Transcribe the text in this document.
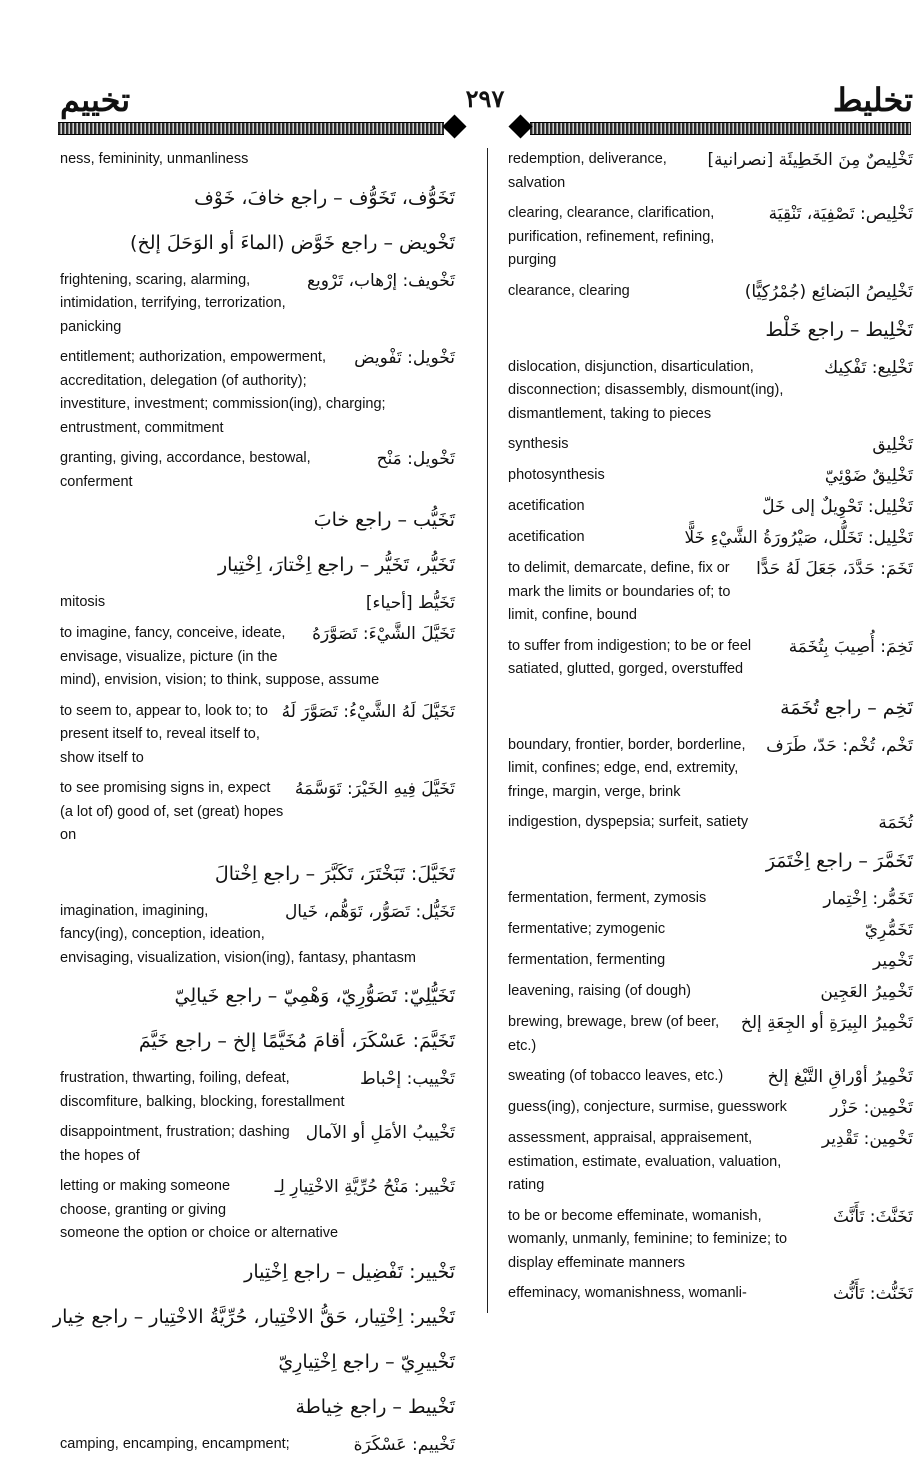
تخييم	٢٩٧	تخليط
ness, femininity, unmanliness
تَخَوُّف، تَخَوُّف – راجع خافَ، خَوْف
تَخْويض – راجع خَوَّض (الماءَ أو الوَحَلَ إلخ)
تَخْويف: إرْهاب، تَرْويع
frightening, scaring, alarming, intimidation, terrifying, terrorization, panicking
تَخْويل: تَفْويض
entitlement; authorization, empowerment, accreditation, delegation (of authority); investiture, investment; commission(ing), charging; entrustment, commitment
تَخْويل: مَنْح
granting, giving, accordance, bestowal, conferment
تَخَيُّب – راجع خابَ
تَخَيُّر، تَخَيُّر – راجع اِخْتارَ، اِخْتِيار
تَخَيُّط [أحياء]
mitosis
تَخَيَّلَ الشَّيْءَ: تَصَوَّرَهُ
to imagine, fancy, conceive, ideate, envisage, visualize, picture (in the mind), envision, vision; to think, suppose, assume
تَخَيَّلَ لَهُ الشَّيْءُ: تَصَوَّرَ لَهُ
to seem to, appear to, look to; to present itself to, reveal itself to, show itself to
تَخَيَّلَ فِيهِ الخَيْرَ: تَوَسَّمَهُ
to see promising signs in, expect (a lot of) good of, set (great) hopes on
تَخَيَّلَ: تَبَخْتَرَ، تَكَبَّرَ – راجع اِخْتالَ
تَخَيُّل: تَصَوُّر، تَوَهُّم، خَيال
imagination, imagining, fancy(ing), conception, ideation, envisaging, visualization, vision(ing), fantasy, phantasm
تَخَيُّلِيّ: تَصَوُّرِيّ، وَهْمِيّ – راجع خَيالِيّ
تَخَيَّمَ: عَسْكَرَ، أقامَ مُخَيَّمًا إلخ – راجع خَيَّمَ
تَخْييب: إحْباط
frustration, thwarting, foiling, defeat, discomfiture, balking, blocking, forestallment
تَخْييبُ الأمَلِ أو الآمال
disappointment, frustration; dashing the hopes of
تَخْيير: مَنْحُ حُرِّيَّةِ الاخْتِيارِ لِـ
letting or making someone choose, granting or giving someone the option or choice or alternative
تَخْيير: تَفْضِيل – راجع اِخْتِيار
تَخْيير: اِخْتِيار، حَقُّ الاخْتِيار، حُرِّيَّةُ الاخْتِيار – راجع خِيار
تَخْييرِيّ – راجع اِخْتِيارِيّ
تَخْييط – راجع خِياطة
تَخْييم: عَسْكَرَة
camping, encamping, encampment;
تَخْلِيصٌ مِنَ الخَطِيئَة [نصرانية]
redemption, deliverance, salvation
تَخْلِيص: تَصْفِيَة، تَنْقِيَة
clearing, clearance, clarification, purification, refinement, refining, purging
تَخْلِيصُ البَضائِع (جُمْرُكِيًّا)
clearance, clearing
تَخْلِيط – راجع خَلْط
تَخْلِيع: تَفْكِيك
dislocation, disjunction, disarticulation, disconnection; disassembly, dismount(ing), dismantlement, taking to pieces
تَخْلِيق
synthesis
تَخْلِيقٌ ضَوْئِيّ
photosynthesis
تَخْلِيل: تَحْوِيلٌ إلى خَلّ
acetification
تَخْلِيل: تَخَلُّل، صَيْرُورَةُ الشَّيْءِ خَلًّا
acetification
تَخَمَ: حَدَّدَ، جَعَلَ لَهُ حَدًّا
to delimit, demarcate, define, fix or mark the limits or boundaries of; to limit, confine, bound
تَخِمَ: أُصِيبَ بِتُخَمَة
to suffer from indigestion; to be or feel satiated, glutted, gorged, overstuffed
تَخِم – راجع تُخَمَة
تَخْم، تُخْم: حَدّ، طَرَف
boundary, frontier, border, borderline, limit, confines; edge, end, extremity, fringe, margin, verge, brink
تُخَمَة
indigestion, dyspepsia; surfeit, satiety
تَخَمَّرَ – راجع اِخْتَمَرَ
تَخَمُّر: اِخْتِمار
fermentation, ferment, zymosis
تَخَمُّرِيّ
fermentative; zymogenic
تَخْمِير
fermentation, fermenting
تَخْمِيرُ العَجِين
leavening, raising (of dough)
تَخْمِيرُ البِيرَةِ أو الجِعَةِ إلخ
brewing, brewage, brew (of beer, etc.)
تَخْمِيرُ أوْراقِ التَّبْغ إلخ
sweating (of tobacco leaves, etc.)
تَخْمِين: حَزْر
guess(ing), conjecture, surmise, guesswork
تَخْمِين: تَقْدِير
assessment, appraisal, appraisement, estimation, estimate, evaluation, valuation, rating
تَخَنَّثَ: تَأَنَّثَ
to be or become effeminate, womanish, womanly, unmanly, feminine; to feminize; to display effeminate manners
تَخَنُّث: تَأَنُّث
effeminacy, womanishness, womanli-
